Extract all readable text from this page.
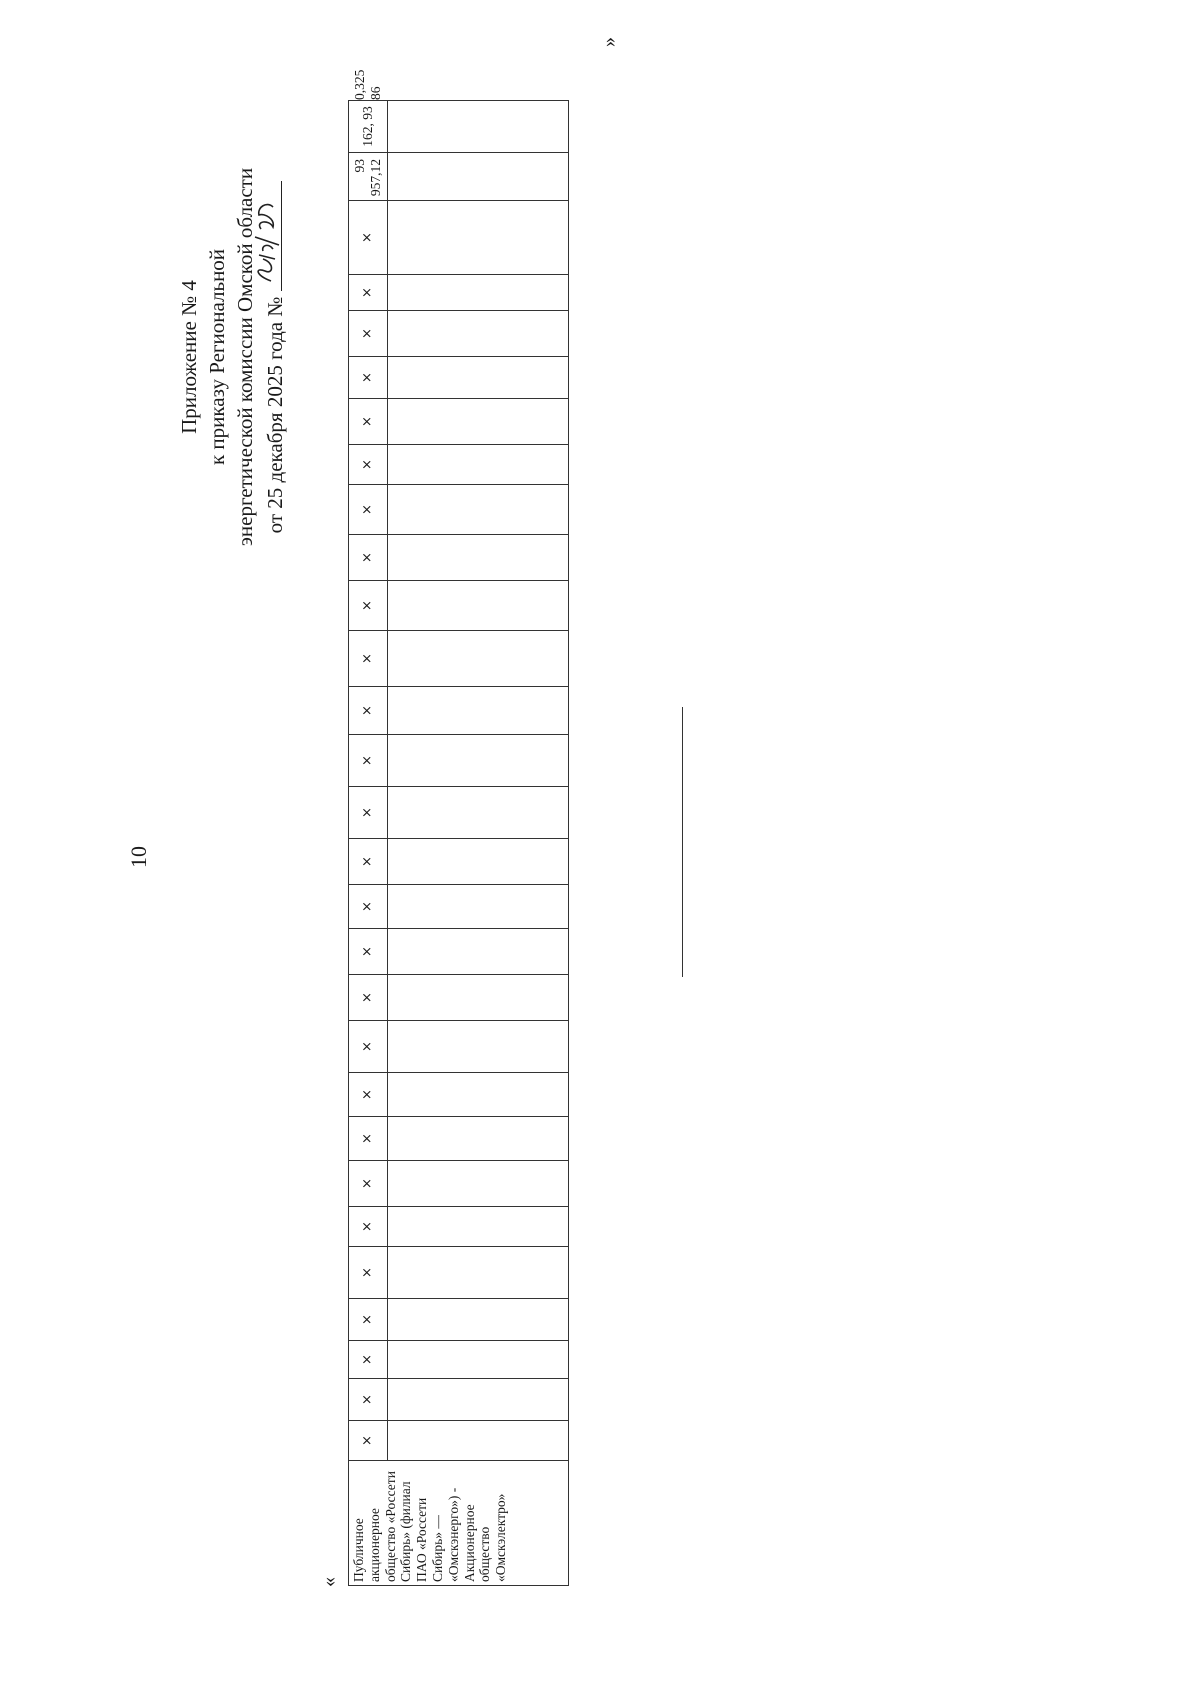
10
Приложение № 4 к приказу Региональной энергетической комиссии Омской области от 25 декабря 2025 года №
« Публичное акционерное общество «Россети Сибирь» (филиал ПАО «Россети Сибирь» — «Омскэнерго») - Акционерное общество «Омскэлектро»	×	×	×	×	×	×	×	×	×	×	×	×	×	×	×	×	×	×	×	×	×	×	×	×	×	×	×	93 957,12	162, 93	0,325 86

»
